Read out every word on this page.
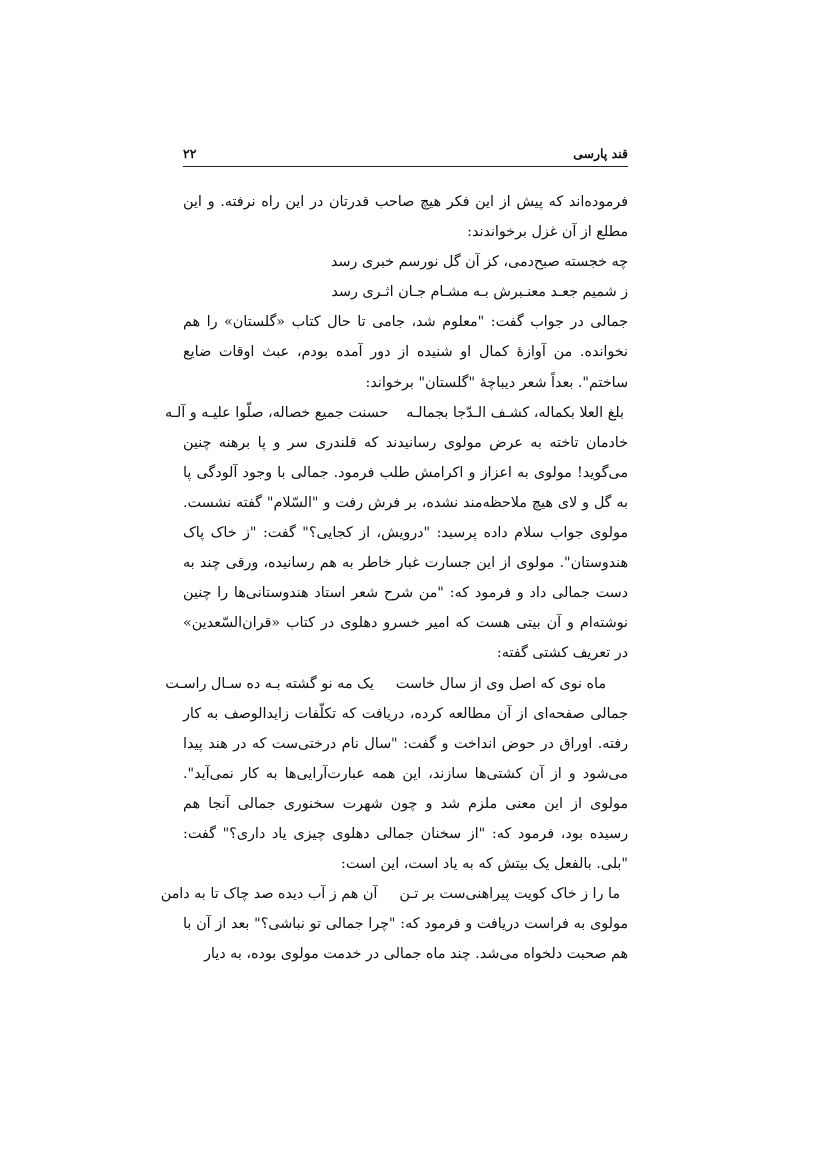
قند پارسی
۲۲

فرموده‌اند که پیش از این فکر هیچ صاحب قدرتان در این راه نرفته. و این مطلع از آن غزل برخواندند:

چه خجسته صبح‌دمی، کز آن گل نورسم خبری رسد

ز شمیم جعـد معنـبرش بـه مشـام جـان اثـری رسد

جمالی در جواب گفت: "معلوم شد، جامی تا حال کتاب «گلستان» را هم نخوانده. من آوازهٔ کمال او شنیده از دور آمده بودم، عبث اوقات ضایع ساختم". بعداً شعر دیباچهٔ "گلستان" برخواند:

بلغ العلا بکماله، کشـف الـدّجا بجمالـه
حسنت جمیع خصاله، صلّوا علیـه و آلـه

خادمان تاخته به عرض مولوی رسانیدند که قلندری سر و پا برهنه چنین می‌گوید! مولوی به اعزاز و اکرامش طلب فرمود. جمالی با وجود آلودگی پا به گل و لای هیچ ملاحظه‌مند نشده، بر فرش رفت و "السّلام" گفته نشست. مولوی جواب سلام داده پرسید: "درویش، از کجایی؟" گفت: "ز خاک پاک هندوستان". مولوی از این جسارت غبار خاطر به هم رسانیده، ورقی چند به دست جمالی داد و فرمود که: "من شرح شعر استاد هندوستانی‌ها را چنین نوشته‌ام و آن بیتی هست که امیر خسرو دهلوی در کتاب «قران‌السّعدین» در تعریف کشتی گفته:

ماه نوی که اصل وی از سال خاست
یک مه نو گشته بـه ده سـال راسـت

جمالی صفحه‌ای از آن مطالعه کرده، دریافت که تکلّفات زایدالوصف به کار رفته. اوراق در حوض انداخت و گفت: "سال نام درختی‌ست که در هند پیدا می‌شود و از آن کشتی‌ها سازند، این همه عبارت‌آرایی‌ها به کار نمی‌آید". مولوی از این معنی ملزم شد و چون شهرت سخنوری جمالی آنجا هم رسیده بود، فرمود که: "از سخنان جمالی دهلوی چیزی یاد داری؟" گفت: "بلی. بالفعل یک بیتش که به یاد است، این است:

ما را ز خاک کویت پیراهنی‌ست بر تـن
آن هم ز آب دیده صد چاک تا به دامن

مولوی به فراست دریافت و فرمود که: "چرا جمالی تو نباشی؟" بعد از آن با هم صحبت دلخواه می‌شد. چند ماه جمالی در خدمت مولوی بوده، به دیار
